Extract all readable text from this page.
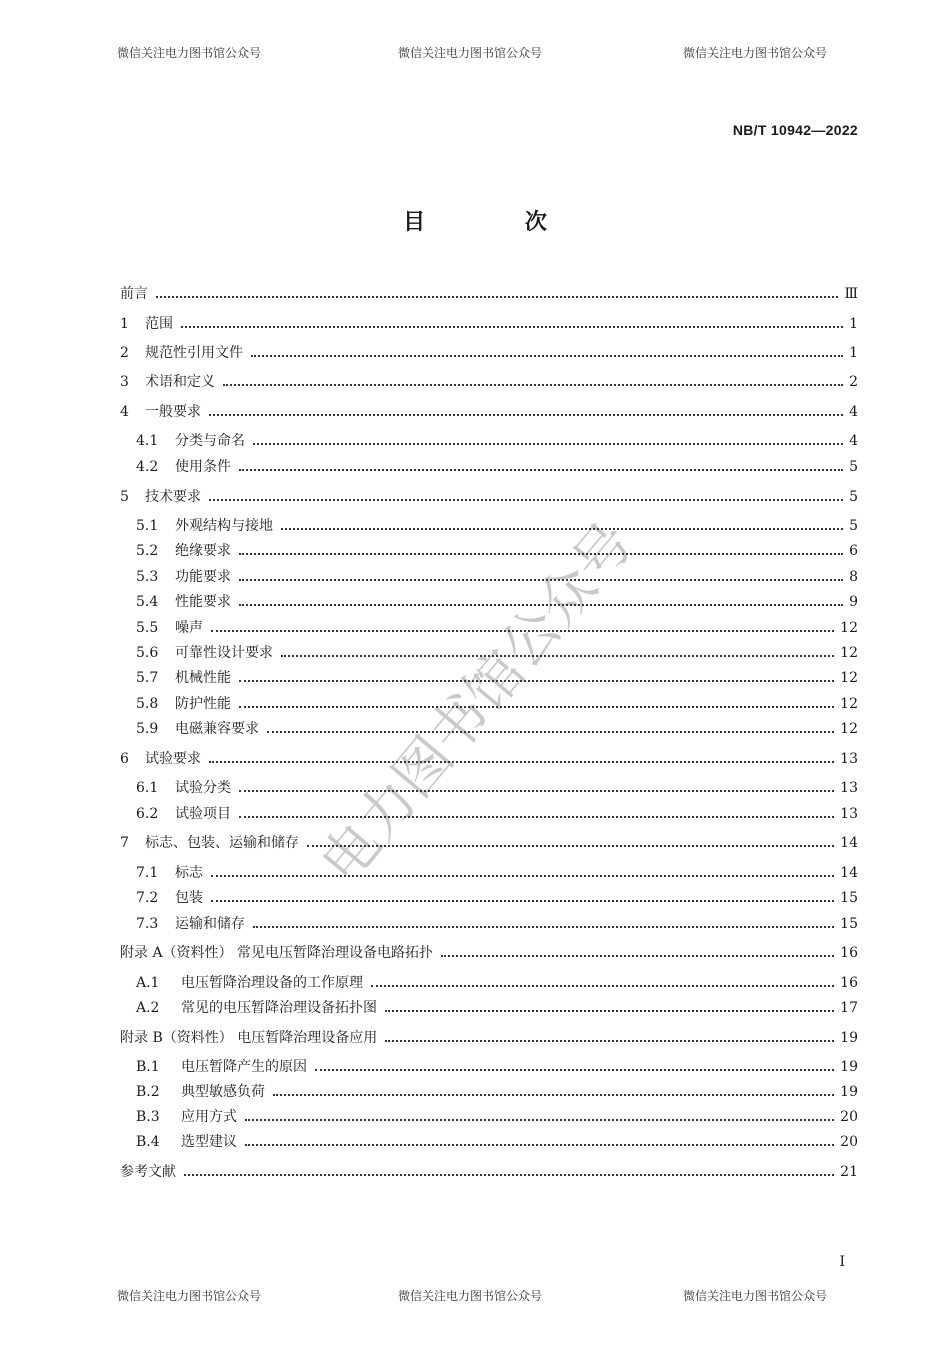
微信关注电力图书馆公众号	微信关注电力图书馆公众号	微信关注电力图书馆公众号
NB/T 10942—2022
目 次
前言	Ⅲ
1 范围	1
2 规范性引用文件	1
3 术语和定义	2
4 一般要求	4
4.1 分类与命名	4
4.2 使用条件	5
5 技术要求	5
5.1 外观结构与接地	5
5.2 绝缘要求	6
5.3 功能要求	8
5.4 性能要求	9
5.5 噪声	12
5.6 可靠性设计要求	12
5.7 机械性能	12
5.8 防护性能	12
5.9 电磁兼容要求	12
6 试验要求	13
6.1 试验分类	13
6.2 试验项目	13
7 标志、包装、运输和储存	14
7.1 标志	14
7.2 包装	15
7.3 运输和储存	15
附录 A（资料性） 常见电压暂降治理设备电路拓扑	16
A.1 电压暂降治理设备的工作原理	16
A.2 常见的电压暂降治理设备拓扑图	17
附录 B（资料性） 电压暂降治理设备应用	19
B.1 电压暂降产生的原因	19
B.2 典型敏感负荷	19
B.3 应用方式	20
B.4 选型建议	20
参考文献	21
电力图书馆公众号
I
微信关注电力图书馆公众号	微信关注电力图书馆公众号	微信关注电力图书馆公众号
